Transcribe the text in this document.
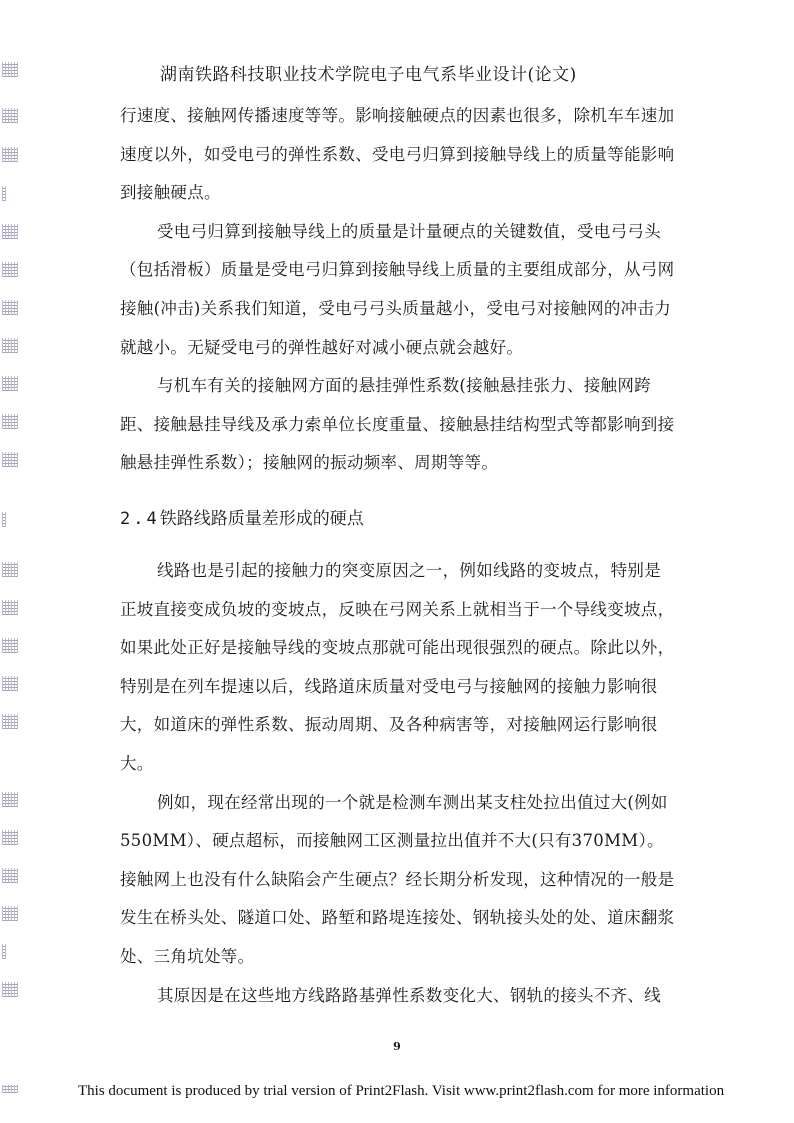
湖南铁路科技职业技术学院电子电气系毕业设计(论文)

行速度、接触网传播速度等等。影响接触硬点的因素也很多，除机车车速加速度以外，如受电弓的弹性系数、受电弓归算到接触导线上的质量等能影响到接触硬点。

受电弓归算到接触导线上的质量是计量硬点的关键数值，受电弓弓头（包括滑板）质量是受电弓归算到接触导线上质量的主要组成部分，从弓网接触(冲击)关系我们知道，受电弓弓头质量越小，受电弓对接触网的冲击力就越小。无疑受电弓的弹性越好对减小硬点就会越好。

与机车有关的接触网方面的悬挂弹性系数(接触悬挂张力、接触网跨距、接触悬挂导线及承力索单位长度重量、接触悬挂结构型式等都影响到接触悬挂弹性系数）；接触网的振动频率、周期等等。

2.4铁路线路质量差形成的硬点

线路也是引起的接触力的突变原因之一，例如线路的变坡点，特别是正坡直接变成负坡的变坡点，反映在弓网关系上就相当于一个导线变坡点，如果此处正好是接触导线的变坡点那就可能出现很强烈的硬点。除此以外，特别是在列车提速以后，线路道床质量对受电弓与接触网的接触力影响很大，如道床的弹性系数、振动周期、及各种病害等，对接触网运行影响很大。

例如，现在经常出现的一个就是检测车测出某支柱处拉出值过大(例如550MM）、硬点超标，而接触网工区测量拉出值并不大(只有370MM）。接触网上也没有什么缺陷会产生硬点？经长期分析发现，这种情况的一般是发生在桥头处、隧道口处、路堑和路堤连接处、钢轨接头处的处、道床翻浆处、三角坑处等。

其原因是在这些地方线路路基弹性系数变化大、钢轨的接头不齐、线

9
This document is produced by trial version of Print2Flash. Visit www.print2flash.com for more information
